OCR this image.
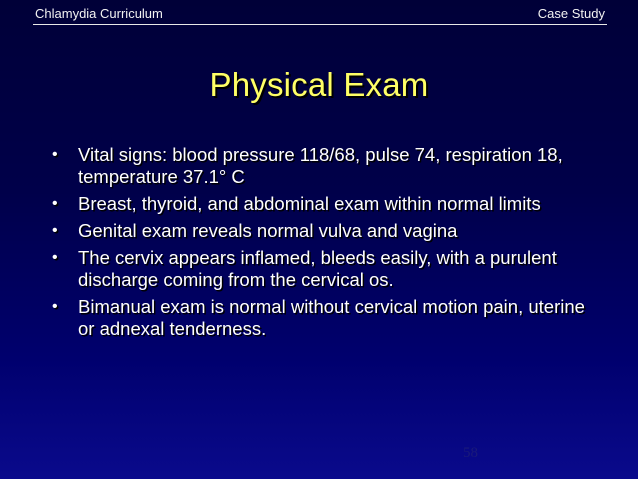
Chlamydia Curriculum	Case Study
Physical Exam
• Vital signs: blood pressure 118/68, pulse 74, respiration 18, temperature 37.1° C
• Breast, thyroid, and abdominal exam within normal limits
• Genital exam reveals normal vulva and vagina
• The cervix appears inflamed, bleeds easily, with a purulent discharge coming from the cervical os.
• Bimanual exam is normal without cervical motion pain, uterine or adnexal tenderness.
58
